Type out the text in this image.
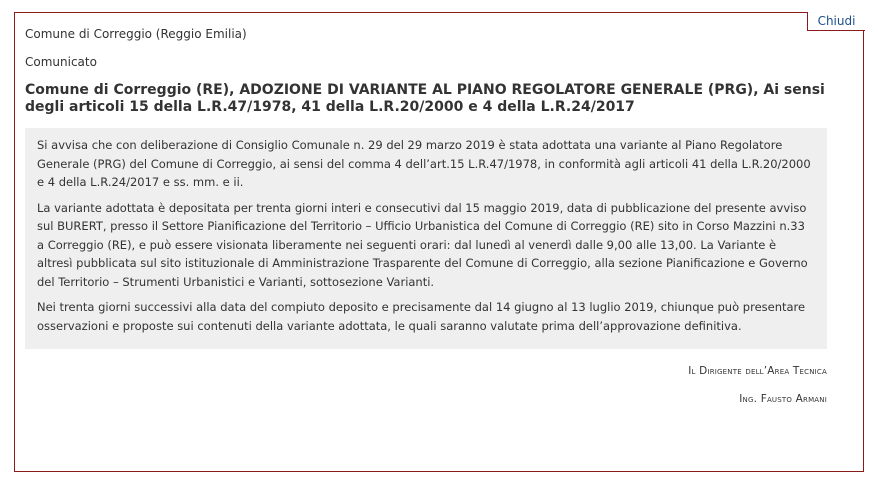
Chiudi
Comune di Correggio (Reggio Emilia)
Comunicato
Comune di Correggio (RE), ADOZIONE DI VARIANTE AL PIANO REGOLATORE GENERALE (PRG), Ai sensi degli articoli 15 della L.R.47/1978, 41 della L.R.20/2000 e 4 della L.R.24/2017

Si avvisa che con deliberazione di Consiglio Comunale n. 29 del 29 marzo 2019 è stata adottata una variante al Piano Regolatore Generale (PRG) del Comune di Correggio, ai sensi del comma 4 dell’art.15 L.R.47/1978, in conformità agli articoli 41 della L.R.20/2000 e 4 della L.R.24/2017 e ss. mm. e ii.

La variante adottata è depositata per trenta giorni interi e consecutivi dal 15 maggio 2019, data di pubblicazione del presente avviso sul BURERT, presso il Settore Pianificazione del Territorio – Ufficio Urbanistica del Comune di Correggio (RE) sito in Corso Mazzini n.33 a Correggio (RE), e può essere visionata liberamente nei seguenti orari: dal lunedì al venerdì dalle 9,00 alle 13,00. La Variante è altresì pubblicata sul sito istituzionale di Amministrazione Trasparente del Comune di Correggio, alla sezione Pianificazione e Governo del Territorio – Strumenti Urbanistici e Varianti, sottosezione Varianti.

Nei trenta giorni successivi alla data del compiuto deposito e precisamente dal 14 giugno al 13 luglio 2019, chiunque può presentare osservazioni e proposte sui contenuti della variante adottata, le quali saranno valutate prima dell’approvazione definitiva.

Il Dirigente dell’Area Tecnica
Ing. Fausto Armani
